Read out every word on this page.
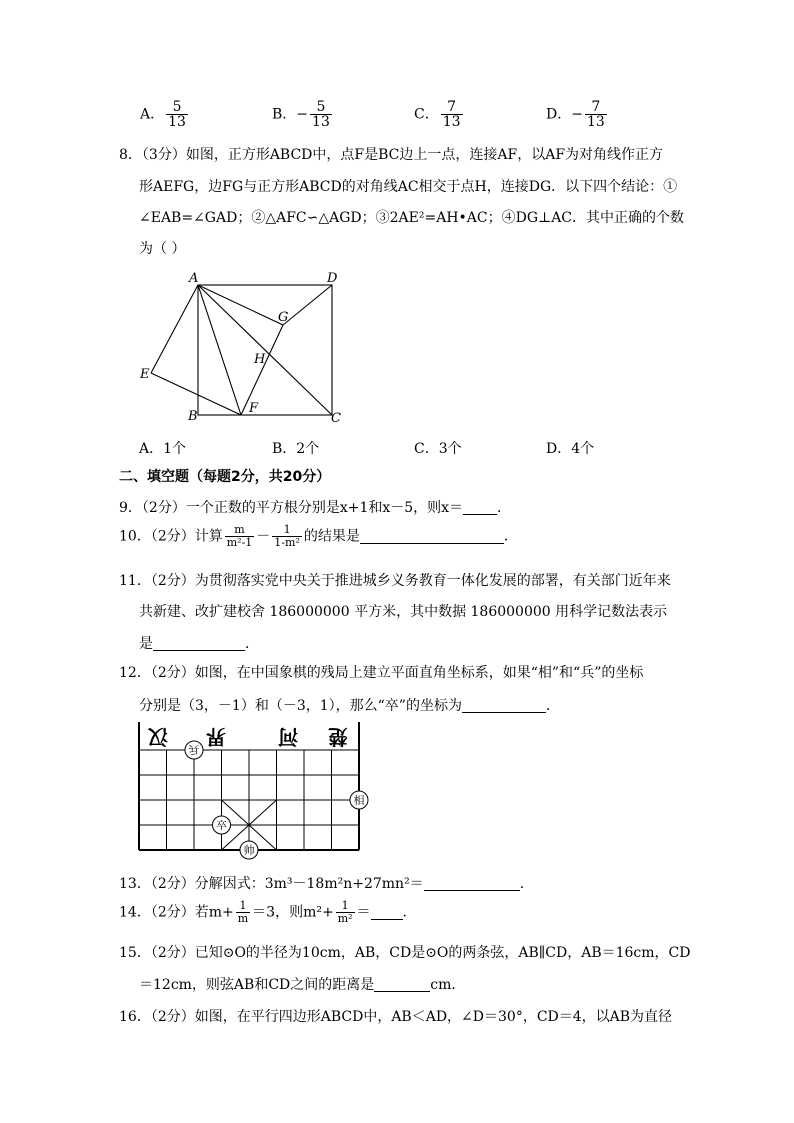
A． $\frac{5}{13}$	B．− $\frac{5}{13}$	C． $\frac{7}{13}$	D．− $\frac{7}{13}$
8．（3分）如图，正方形ABCD中，点F是BC边上一点，连接AF，以AF为对角线作正方
形AEFG，边FG与正方形ABCD的对角线AC相交于点H，连接DG．以下四个结论：①
∠EAB=∠GAD；②△AFC∽△AGD；③2AE²=AH•AC；④DG⊥AC．其中正确的个数
为（ ）
A	D
G
H
E
B
F
C
A．1个	B．2个	C．3个	D．4个
二、填空题（每题2分，共20分）
9．（2分）一个正数的平方根分别是x+1和x－5，则x＝ ．
10．（2分）计算 $\frac{m}{\text{m²-1}} - \frac{1}{\text{1-m²}}$ 的结果是	．
11．（2分）为贯彻落实党中央关于推进城乡义务教育一体化发展的部署，有关部门近年来
共新建、改扩建校舍 186000000 平方米，其中数据 186000000 用科学记数法表示
是	．
12．（2分）如图，在中国象棋的残局上建立平面直角坐标系，如果“相”和“兵”的坐标
分别是（3，－1）和（－3，1），那么“卒”的坐标为	．
汉 界	河 楚
兵
相
卒
帅
13．（2分）分解因式：3m³－18m²n+27mn²＝	．
14．（2分）若$m+ \frac{1}{m} =3$，则$m^2+ \frac{1}{\text{m²}}$ ＝ ．
15．（2分）已知⊙O的半径为10cm，AB，CD是⊙O的两条弦，AB∥CD，AB＝16cm，CD
＝12cm，则弦AB和CD之间的距离是	cm．
16．（2分）如图，在平行四边形ABCD中，AB＜AD，∠D＝30°，CD＝4，以AB为直径
